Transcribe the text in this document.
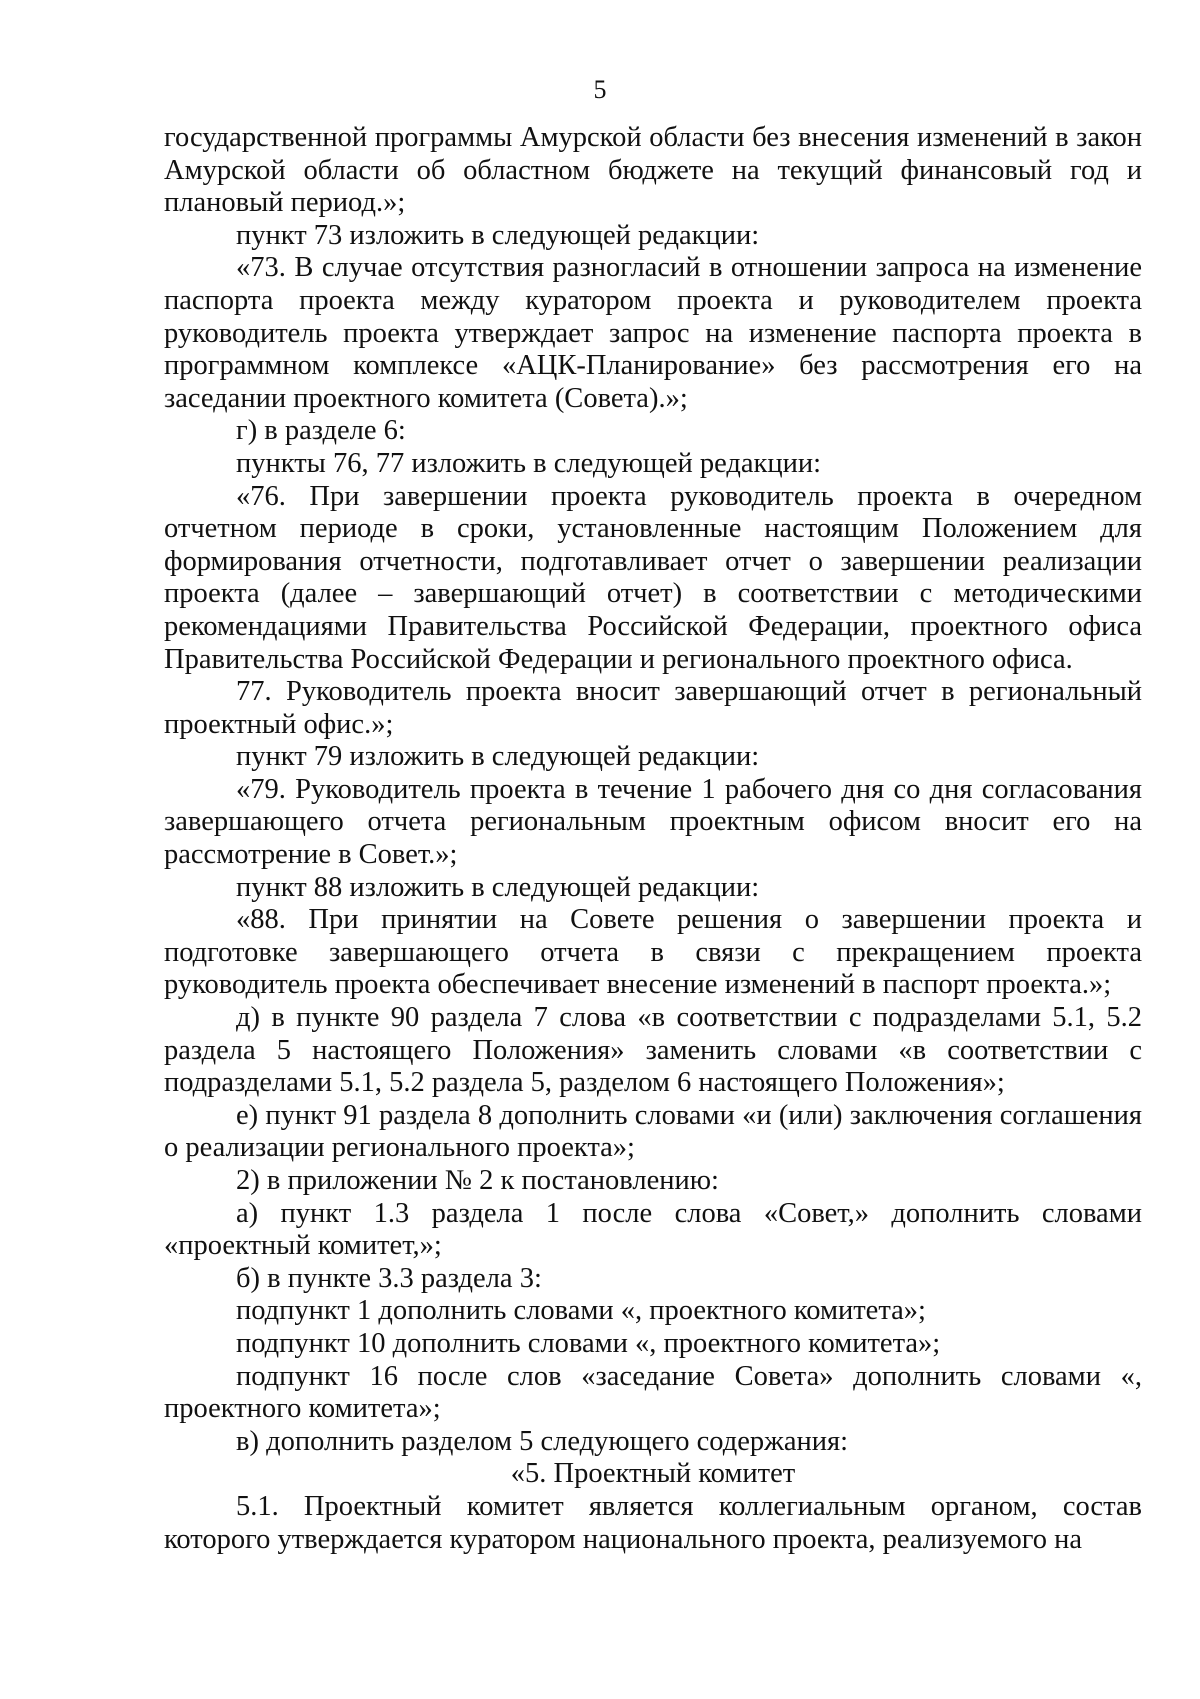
5

государственной программы Амурской области без внесения изменений в закон Амурской области об областном бюджете на текущий финансовый год и плановый период.»;

пункт 73 изложить в следующей редакции:

«73. В случае отсутствия разногласий в отношении запроса на изменение паспорта проекта между куратором проекта и руководителем проекта руководитель проекта утверждает запрос на изменение паспорта проекта в программном комплексе «АЦК-Планирование» без рассмотрения его на заседании проектного комитета (Совета).»;

г) в разделе 6:

пункты 76, 77 изложить в следующей редакции:

«76. При завершении проекта руководитель проекта в очередном отчетном периоде в сроки, установленные настоящим Положением для формирования отчетности, подготавливает отчет о завершении реализации проекта (далее – завершающий отчет) в соответствии с методическими рекомендациями Правительства Российской Федерации, проектного офиса Правительства Российской Федерации и регионального проектного офиса.

77. Руководитель проекта вносит завершающий отчет в региональный проектный офис.»;

пункт 79 изложить в следующей редакции:

«79. Руководитель проекта в течение 1 рабочего дня со дня согласования завершающего отчета региональным проектным офисом вносит его на рассмотрение в Совет.»;

пункт 88 изложить в следующей редакции:

«88. При принятии на Совете решения о завершении проекта и подготовке завершающего отчета в связи с прекращением проекта руководитель проекта обеспечивает внесение изменений в паспорт проекта.»;

д) в пункте 90 раздела 7 слова «в соответствии с подразделами 5.1, 5.2 раздела 5 настоящего Положения» заменить словами «в соответствии с подразделами 5.1, 5.2 раздела 5, разделом 6 настоящего Положения»;

е) пункт 91 раздела 8 дополнить словами «и (или) заключения соглашения о реализации регионального проекта»;

2) в приложении № 2 к постановлению:

а) пункт 1.3 раздела 1 после слова «Совет,» дополнить словами «проектный комитет,»;

б) в пункте 3.3 раздела 3:

подпункт 1 дополнить словами «, проектного комитета»;

подпункт 10 дополнить словами «, проектного комитета»;

подпункт 16 после слов «заседание Совета» дополнить словами «, проектного комитета»;

в) дополнить разделом 5 следующего содержания:

«5. Проектный комитет

5.1. Проектный комитет является коллегиальным органом, состав которого утверждается куратором национального проекта, реализуемого на
